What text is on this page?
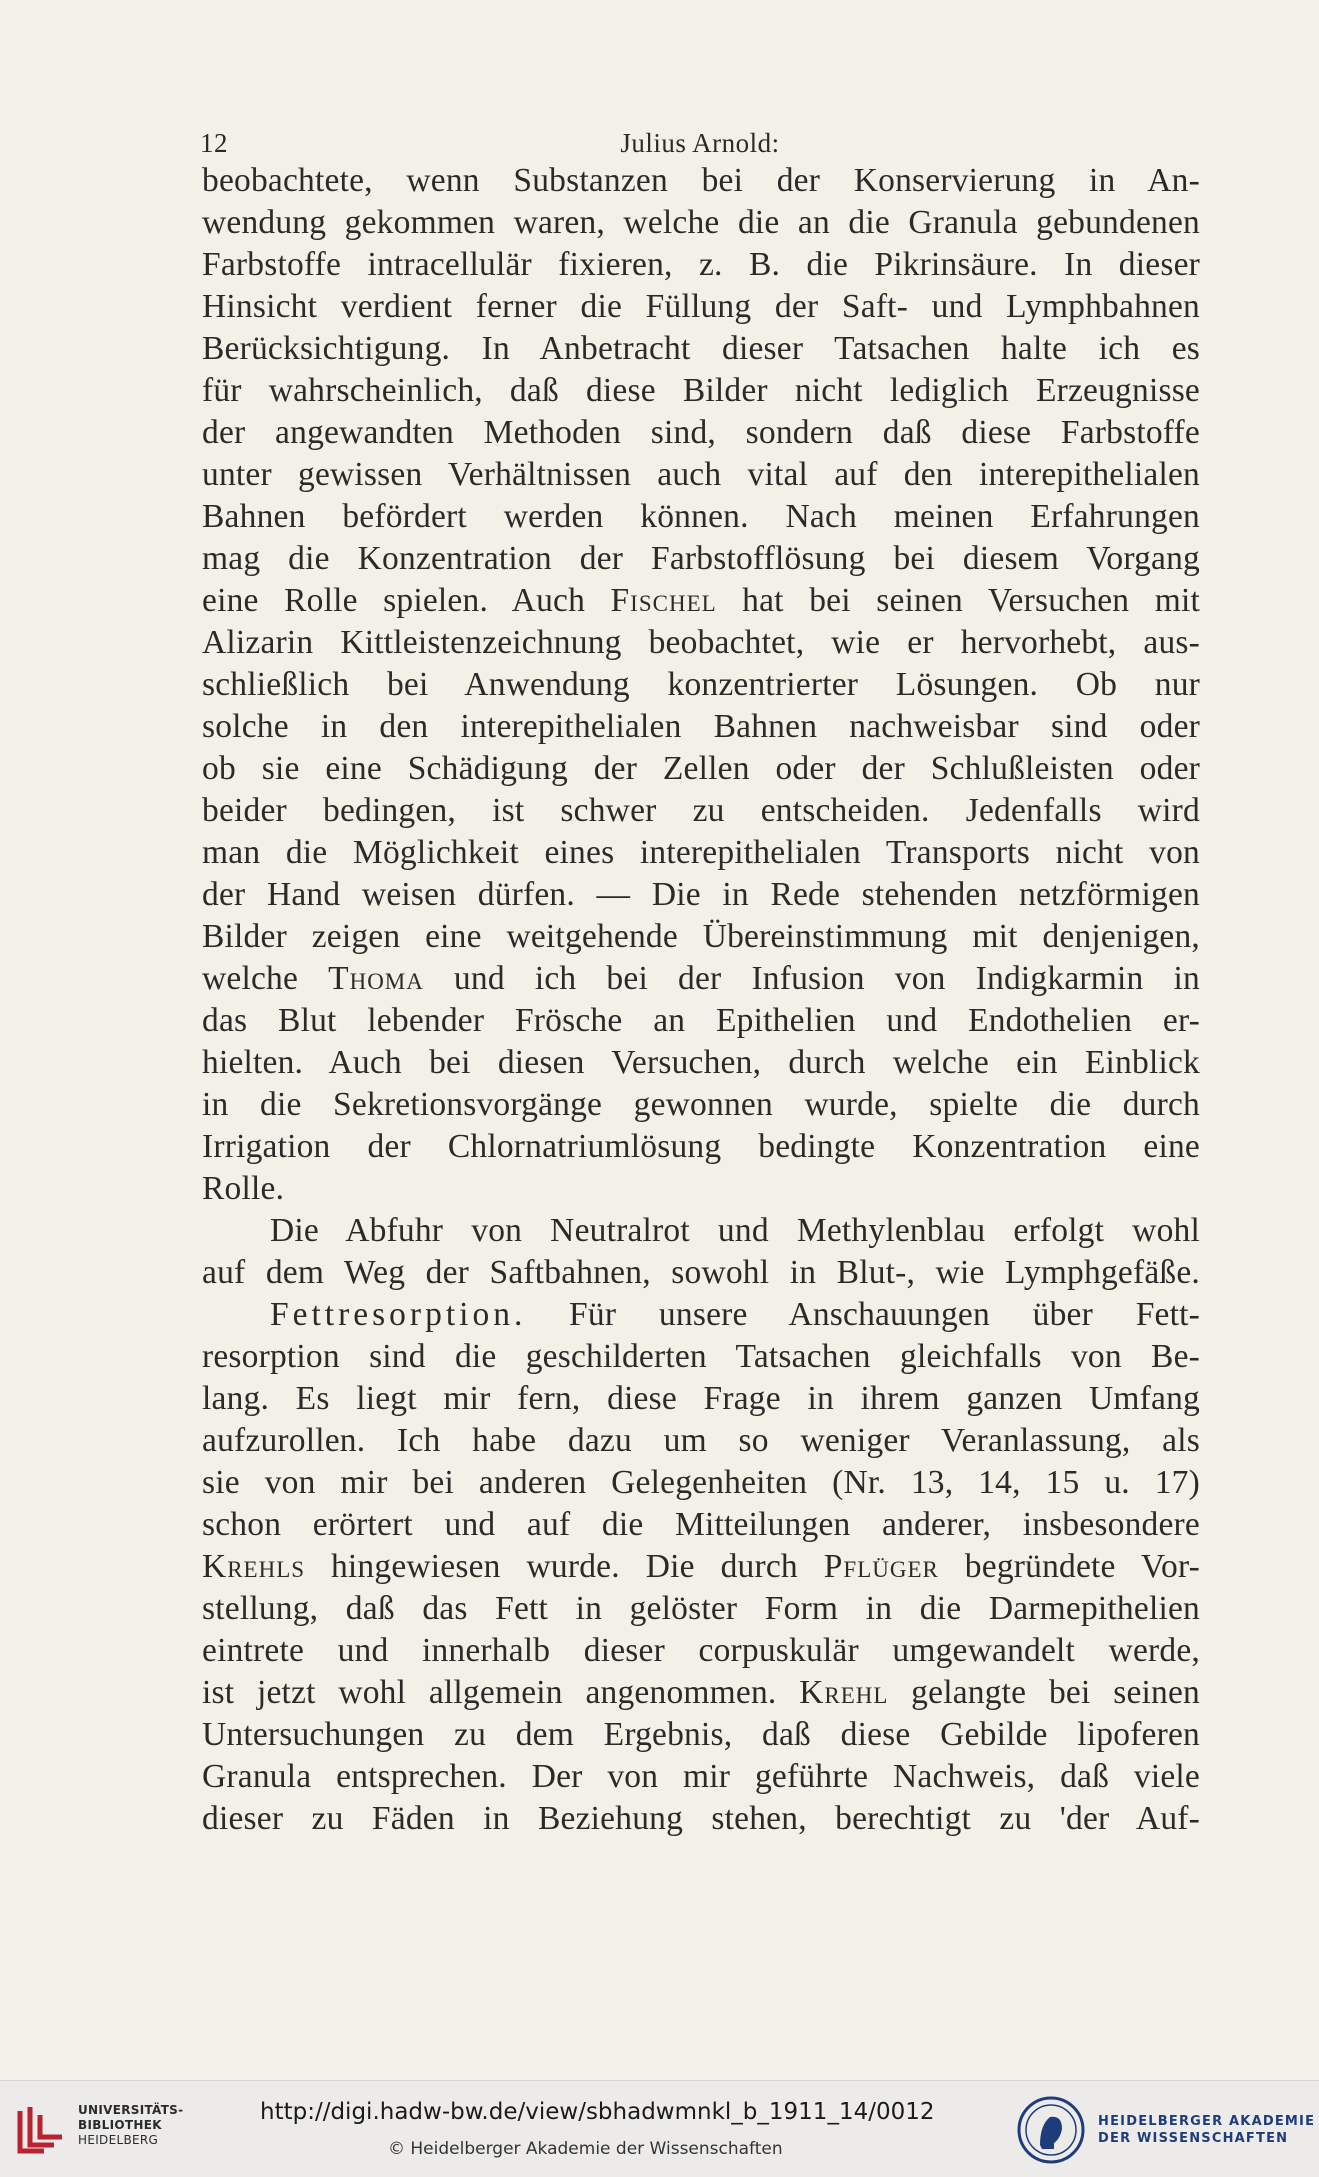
12	Julius Arnold:
beobachtete, wenn Substanzen bei der Konservierung in An-
wendung gekommen waren, welche die an die Granula gebundenen
Farbstoffe intracellulär fixieren, z. B. die Pikrinsäure. In dieser
Hinsicht verdient ferner die Füllung der Saft- und Lymphbahnen
Berücksichtigung. In Anbetracht dieser Tatsachen halte ich es
für wahrscheinlich, daß diese Bilder nicht lediglich Erzeugnisse
der angewandten Methoden sind, sondern daß diese Farbstoffe
unter gewissen Verhältnissen auch vital auf den interepithelialen
Bahnen befördert werden können. Nach meinen Erfahrungen
mag die Konzentration der Farbstofflösung bei diesem Vorgang
eine Rolle spielen. Auch Fischel hat bei seinen Versuchen mit
Alizarin Kittleistenzeichnung beobachtet, wie er hervorhebt, aus-
schließlich bei Anwendung konzentrierter Lösungen. Ob nur
solche in den interepithelialen Bahnen nachweisbar sind oder
ob sie eine Schädigung der Zellen oder der Schlußleisten oder
beider bedingen, ist schwer zu entscheiden. Jedenfalls wird
man die Möglichkeit eines interepithelialen Transports nicht von
der Hand weisen dürfen. — Die in Rede stehenden netzförmigen
Bilder zeigen eine weitgehende Übereinstimmung mit denjenigen,
welche Thoma und ich bei der Infusion von Indigkarmin in
das Blut lebender Frösche an Epithelien und Endothelien er-
hielten. Auch bei diesen Versuchen, durch welche ein Einblick
in die Sekretionsvorgänge gewonnen wurde, spielte die durch
Irrigation der Chlornatriumlösung bedingte Konzentration eine
Rolle.
Die Abfuhr von Neutralrot und Methylenblau erfolgt wohl
auf dem Weg der Saftbahnen, sowohl in Blut-, wie Lymphgefäße.
Fettresorption. Für unsere Anschauungen über Fett-
resorption sind die geschilderten Tatsachen gleichfalls von Be-
lang. Es liegt mir fern, diese Frage in ihrem ganzen Umfang
aufzurollen. Ich habe dazu um so weniger Veranlassung, als
sie von mir bei anderen Gelegenheiten (Nr. 13, 14, 15 u. 17)
schon erörtert und auf die Mitteilungen anderer, insbesondere
Krehls hingewiesen wurde. Die durch Pflüger begründete Vor-
stellung, daß das Fett in gelöster Form in die Darmepithelien
eintrete und innerhalb dieser corpuskulär umgewandelt werde,
ist jetzt wohl allgemein angenommen. Krehl gelangte bei seinen
Untersuchungen zu dem Ergebnis, daß diese Gebilde lipoferen
Granula entsprechen. Der von mir geführte Nachweis, daß viele
dieser zu Fäden in Beziehung stehen, berechtigt zu 'der Auf-
UNIVERSITÄTS-
BIBLIOTHEK
HEIDELBERG
http://digi.hadw-bw.de/view/sbhadwmnkl_b_1911_14/0012
© Heidelberger Akademie der Wissenschaften
HEIDELBERGER AKADEMIE
DER WISSENSCHAFTEN
